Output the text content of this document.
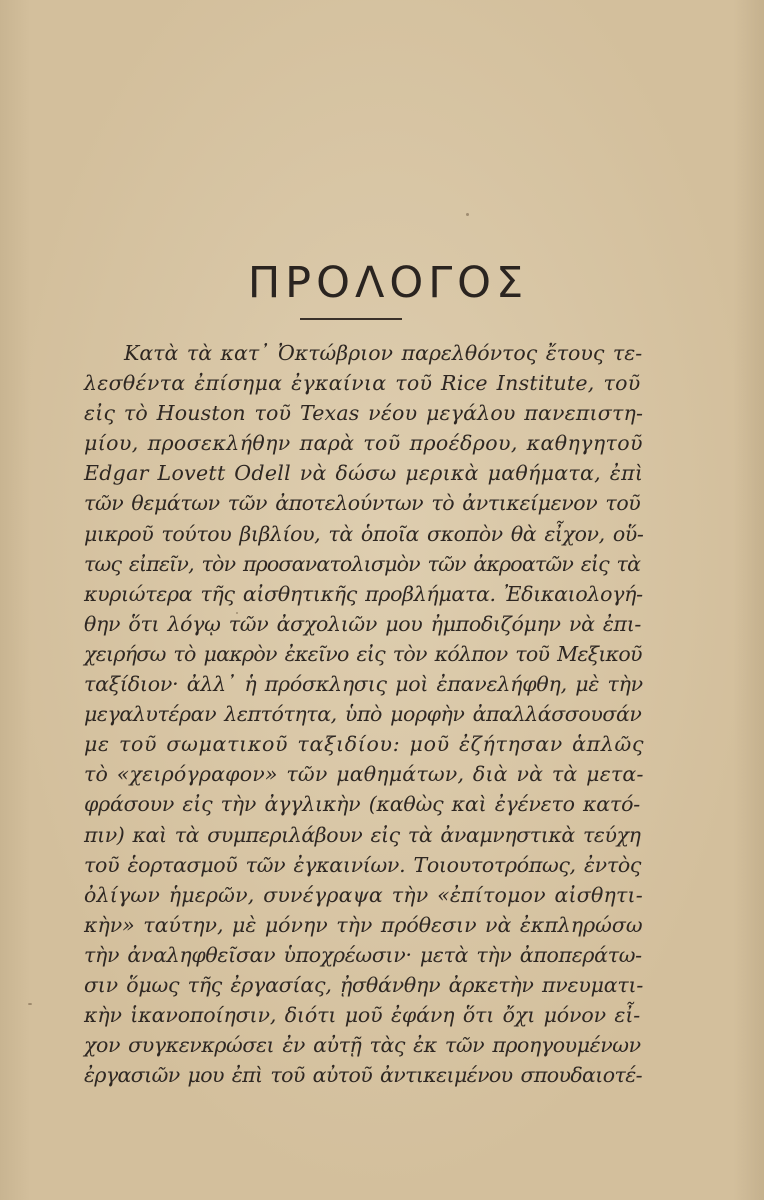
ΠΡΟΛΟΓΟΣ
Κατὰ τὰ κατ᾽ Ὀκτώβριον παρελθόντος ἔτους τε-
λεσθέντα ἐπίσημα ἐγκαίνια τοῦ Rice Institute, τοῦ
εἰς τὸ Houston τοῦ Texas νέου μεγάλου πανεπιστη-
μίου, προσεκλήθην παρὰ τοῦ προέδρου, καθηγητοῦ
Edgar Lovett Odell νὰ δώσω μερικὰ μαθήματα, ἐπὶ
τῶν θεμάτων τῶν ἀποτελούντων τὸ ἀντικείμενον τοῦ
μικροῦ τούτου βιβλίου, τὰ ὁποῖα σκοπὸν θὰ εἶχον, οὕ-
τως εἰπεῖν, τὸν προσανατολισμὸν τῶν ἀκροατῶν εἰς τὰ
κυριώτερα τῆς αἰσθητικῆς προβλήματα. Ἐδικαιολογή-
θην ὅτι λόγῳ τῶν ἀσχολιῶν μου ἠμποδιζόμην νὰ ἐπι-
χειρήσω τὸ μακρὸν ἐκεῖνο εἰς τὸν κόλπον τοῦ Μεξικοῦ
ταξίδιον· ἀλλ᾽ ἡ πρόσκλησις μοὶ ἐπανελήφθη, μὲ τὴν
μεγαλυτέραν λεπτότητα, ὑπὸ μορφὴν ἀπαλλάσσουσάν
με τοῦ σωματικοῦ ταξιδίου: μοῦ ἐζήτησαν ἁπλῶς
τὸ «χειρόγραφον» τῶν μαθημάτων, διὰ νὰ τὰ μετα-
φράσουν εἰς τὴν ἀγγλικὴν (καθὼς καὶ ἐγένετο κατό-
πιν) καὶ τὰ συμπεριλάβουν εἰς τὰ ἀναμνηστικὰ τεύχη
τοῦ ἑορτασμοῦ τῶν ἐγκαινίων. Τοιουτοτρόπως, ἐντὸς
ὀλίγων ἡμερῶν, συνέγραψα τὴν «ἐπίτομον αἰσθητι-
κὴν» ταύτην, μὲ μόνην τὴν πρόθεσιν νὰ ἐκπληρώσω
τὴν ἀναληφθεῖσαν ὑποχρέωσιν· μετὰ τὴν ἀποπεράτω-
σιν ὅμως τῆς ἐργασίας, ᾐσθάνθην ἀρκετὴν πνευματι-
κὴν ἱκανοποίησιν, διότι μοῦ ἐφάνη ὅτι ὄχι μόνον εἶ-
χον συγκενκρώσει ἐν αὐτῇ τὰς ἐκ τῶν προηγουμένων
ἐργασιῶν μου ἐπὶ τοῦ αὐτοῦ ἀντικειμένου σπουδαιοτέ-
